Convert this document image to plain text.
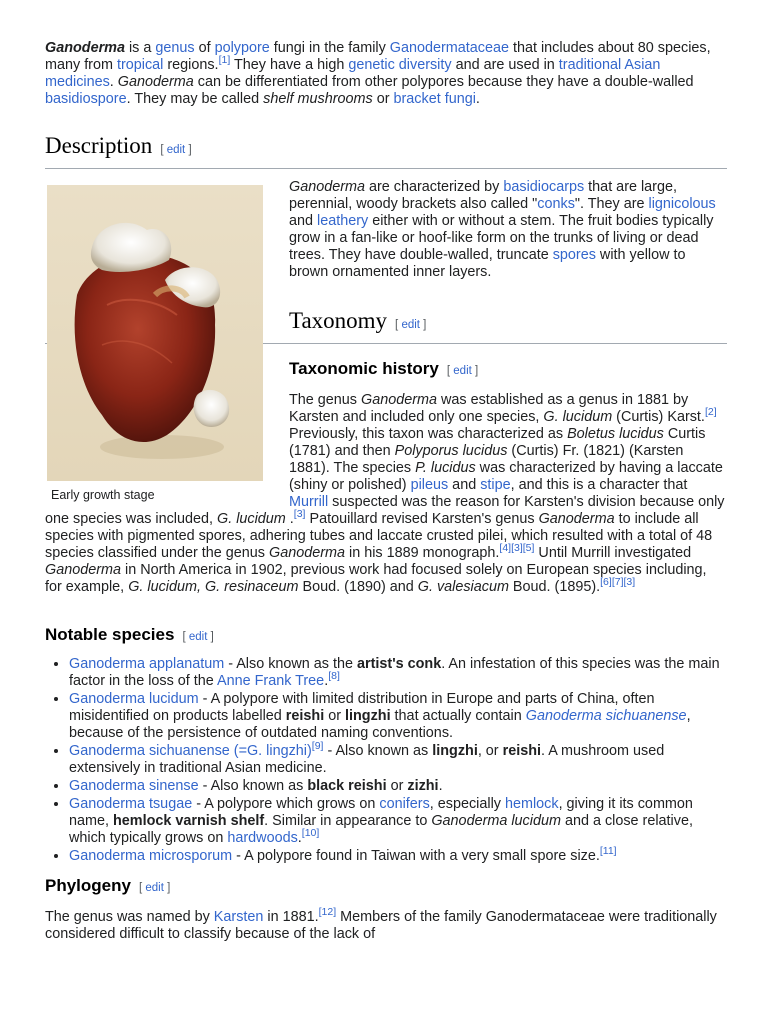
Ganoderma is a genus of polypore fungi in the family Ganodermataceae that includes about 80 species, many from tropical regions.[1] They have a high genetic diversity and are used in traditional Asian medicines. Ganoderma can be differentiated from other polypores because they have a double-walled basidiospore. They may be called shelf mushrooms or bracket fungi.

Description [ edit ]
Early growth stage

Ganoderma are characterized by basidiocarps that are large, perennial, woody brackets also called "conks". They are lignicolous and leathery either with or without a stem. The fruit bodies typically grow in a fan-like or hoof-like form on the trunks of living or dead trees. They have double-walled, truncate spores with yellow to brown ornamented inner layers.

Taxonomy [ edit ]
Taxonomic history [ edit ]

The genus Ganoderma was established as a genus in 1881 by Karsten and included only one species, G. lucidum (Curtis) Karst.[2] Previously, this taxon was characterized as Boletus lucidus Curtis (1781) and then Polyporus lucidus (Curtis) Fr. (1821) (Karsten 1881). The species P. lucidus was characterized by having a laccate (shiny or polished) pileus and stipe, and this is a character that Murrill suspected was the reason for Karsten's division because only one species was included, G. lucidum .[3] Patouillard revised Karsten's genus Ganoderma to include all species with pigmented spores, adhering tubes and laccate crusted pilei, which resulted with a total of 48 species classified under the genus Ganoderma in his 1889 monograph.[4][3][5] Until Murrill investigated Ganoderma in North America in 1902, previous work had focused solely on European species including, for example, G. lucidum, G. resinaceum Boud. (1890) and G. valesiacum Boud. (1895).[6][7][3]

Notable species [ edit ]
• Ganoderma applanatum - Also known as the artist's conk. An infestation of this species was the main factor in the loss of the Anne Frank Tree.[8]
• Ganoderma lucidum - A polypore with limited distribution in Europe and parts of China, often misidentified on products labelled reishi or lingzhi that actually contain Ganoderma sichuanense, because of the persistence of outdated naming conventions.
• Ganoderma sichuanense (=G. lingzhi)[9] - Also known as lingzhi, or reishi. A mushroom used extensively in traditional Asian medicine.
• Ganoderma sinense - Also known as black reishi or zizhi.
• Ganoderma tsugae - A polypore which grows on conifers, especially hemlock, giving it its common name, hemlock varnish shelf. Similar in appearance to Ganoderma lucidum and a close relative, which typically grows on hardwoods.[10]
• Ganoderma microsporum - A polypore found in Taiwan with a very small spore size.[11]
Phylogeny [ edit ]

The genus was named by Karsten in 1881.[12] Members of the family Ganodermataceae were traditionally considered difficult to classify because of the lack of
